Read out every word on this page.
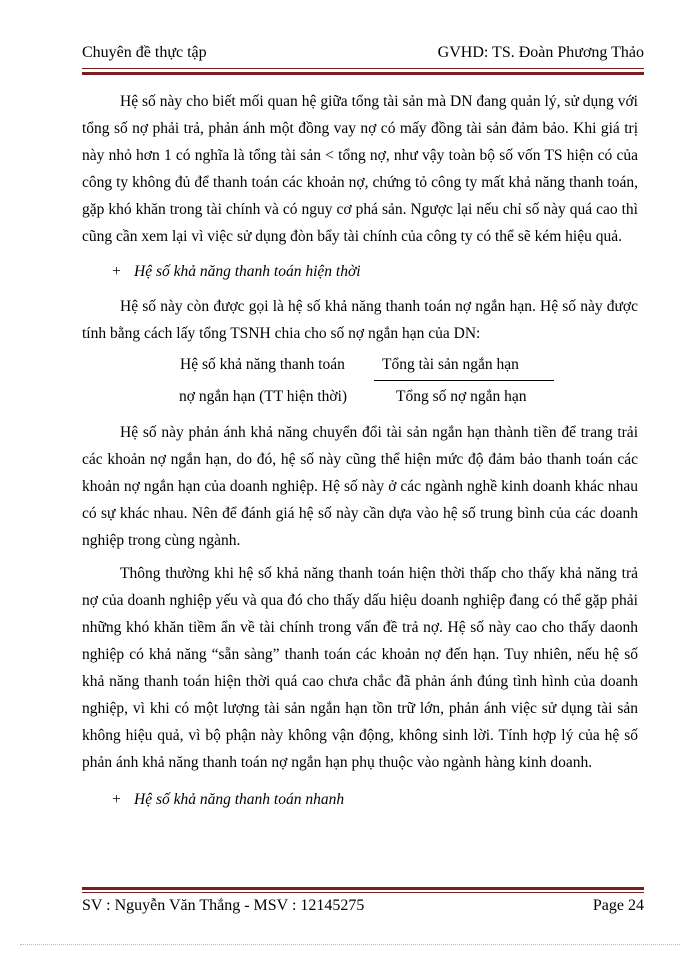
Chuyên đề thực tập	GVHD: TS. Đoàn Phương Thảo

Hệ số này cho biết mối quan hệ giữa tổng tài sản mà DN đang quản lý, sử dụng với tổng số nợ phải trả, phản ánh một đồng vay nợ có mấy đồng tài sản đảm bảo. Khi giá trị này nhỏ hơn 1 có nghĩa là tổng tài sản < tổng nợ, như vậy toàn bộ số vốn TS hiện có của công ty không đủ để thanh toán các khoản nợ, chứng tỏ công ty mất khả năng thanh toán, gặp khó khăn trong tài chính và có nguy cơ phá sản. Ngược lại nếu chỉ số này quá cao thì cũng cần xem lại vì việc sử dụng đòn bẩy tài chính của công ty có thể sẽ kém hiệu quả.

+ Hệ số khả năng thanh toán hiện thời

Hệ số này còn được gọi là hệ số khả năng thanh toán nợ ngắn hạn. Hệ số này được tính bằng cách lấy tổng TSNH chia cho số nợ ngắn hạn của DN:

Hệ số khả năng thanh toán
nợ ngắn hạn (TT hiện thời)
Tổng tài sản ngắn hạn
Tổng số nợ ngắn hạn

Hệ số này phản ánh khả năng chuyển đổi tài sản ngắn hạn thành tiền để trang trải các khoản nợ ngắn hạn, do đó, hệ số này cũng thể hiện mức độ đảm bảo thanh toán các khoản nợ ngắn hạn của doanh nghiệp. Hệ số này ở các ngành nghề kinh doanh khác nhau có sự khác nhau. Nên để đánh giá hệ số này cần dựa vào hệ số trung bình của các doanh nghiệp trong cùng ngành.

Thông thường khi hệ số khả năng thanh toán hiện thời thấp cho thấy khả năng trả nợ của doanh nghiệp yếu và qua đó cho thấy dấu hiệu doanh nghiệp đang có thể gặp phải những khó khăn tiềm ẩn về tài chính trong vấn đề trả nợ. Hệ số này cao cho thấy daonh nghiệp có khả năng “sẵn sàng” thanh toán các khoản nợ đến hạn. Tuy nhiên, nếu hệ số khả năng thanh toán hiện thời quá cao chưa chắc đã phản ánh đúng tình hình của doanh nghiệp, vì khi có một lượng tài sản ngắn hạn tồn trữ lớn, phản ánh việc sử dụng tài sản không hiệu quả, vì bộ phận này không vận động, không sinh lời. Tính hợp lý của hệ số phản ánh khả năng thanh toán nợ ngắn hạn phụ thuộc vào ngành hàng kinh doanh.

+ Hệ số khả năng thanh toán nhanh
SV : Nguyễn Văn Thắng - MSV : 12145275	Page 24
